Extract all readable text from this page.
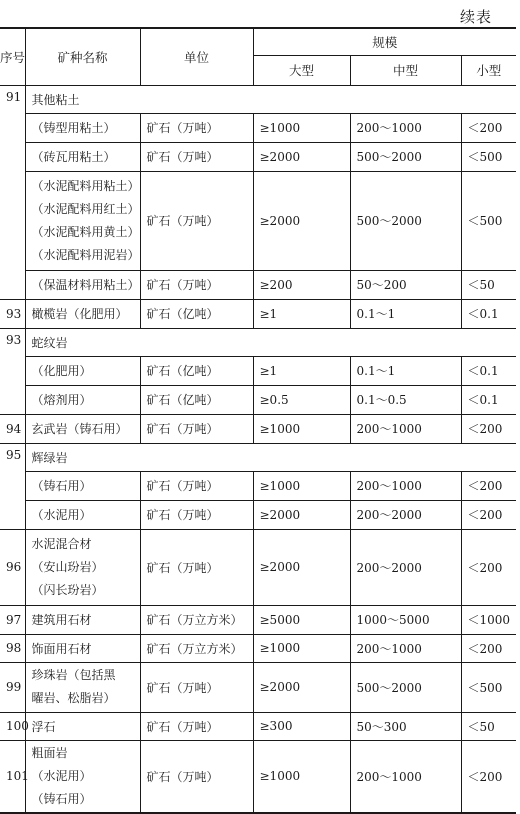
续表
序号	矿种名称	单位	规模		
			大型	中型	小型
91	其他粘土				
	（铸型用粘土）	矿石（万吨）	≥1000	200～1000	＜200
	（砖瓦用粘土）	矿石（万吨）	≥2000	500～2000	＜500

	（水泥配料用粘土）
（水泥配料用红土）
（水泥配料用黄土）
（水泥配料用泥岩）	矿石（万吨）	≥2000	500～2000	＜500
	（保温材料用粘土）	矿石（万吨）	≥200	50～200	＜50
93	橄榄岩（化肥用）	矿石（亿吨）	≥1	0.1～1	＜0.1
93	蛇纹岩				
	（化肥用）	矿石（亿吨）	≥1	0.1～1	＜0.1
	（熔剂用）	矿石（亿吨）	≥0.5	0.1～0.5	＜0.1
94	玄武岩（铸石用）	矿石（万吨）	≥1000	200～1000	＜200
95	辉绿岩				
	（铸石用）	矿石（万吨）	≥1000	200～1000	＜200
	（水泥用）	矿石（万吨）	≥2000	200～2000	＜200
96	水泥混合材
（安山玢岩）
（闪长玢岩）	矿石（万吨）	≥2000	200～2000	＜200
97	建筑用石材	矿石（万立方米）	≥5000	1000～5000	＜1000
98	饰面用石材	矿石（万立方米）	≥1000	200～1000	＜200
99	珍珠岩（包括黑
曜岩、松脂岩）	矿石（万吨）	≥2000	500～2000	＜500
100	浮石	矿石（万吨）	≥300	50～300	＜50
101	粗面岩
（水泥用）
（铸石用）	矿石（万吨）	≥1000	200～1000	＜200
